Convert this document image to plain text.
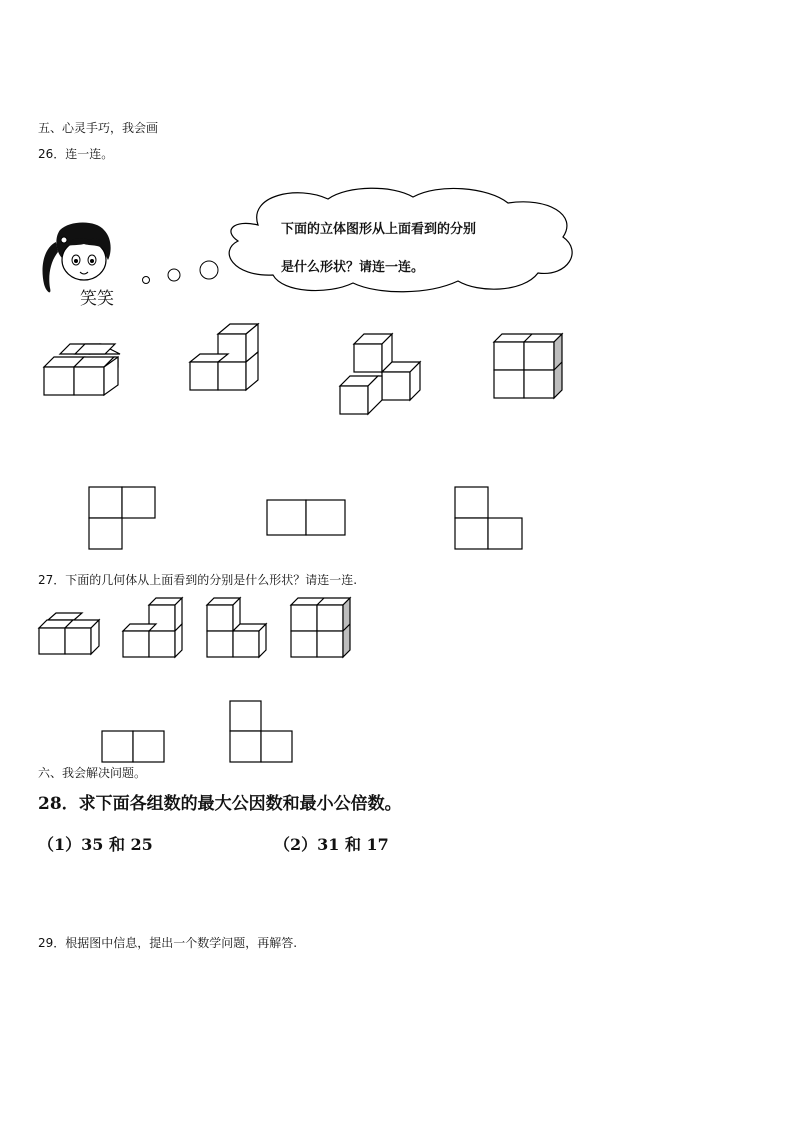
五、心灵手巧，我会画
26．连一连。
笑笑
下面的立体图形从上面看到的分别
是什么形状？请连一连。
27．下面的几何体从上面看到的分别是什么形状？请连一连.
六、我会解决问题。
28．求下面各组数的最大公因数和最小公倍数。
（1）35 和 25	（2）31 和 17
29．根据图中信息，提出一个数学问题，再解答.
